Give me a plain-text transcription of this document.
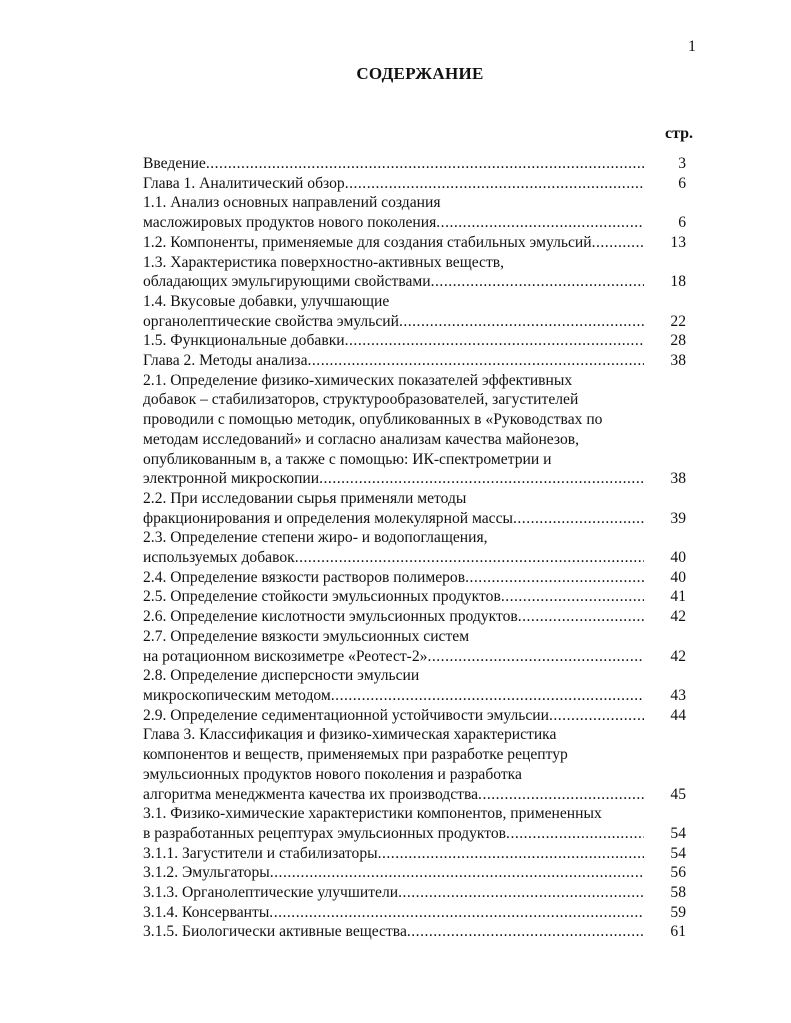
1
СОДЕРЖАНИЕ
стр.
Введение .....	3
Глава 1. Аналитический обзор .....	6
1.1. Анализ основных направлений создания
масложировых продуктов нового поколения .....	6
1.2. Компоненты, применяемые для создания стабильных эмульсий .....	13
1.3. Характеристика поверхностно-активных веществ,
обладающих эмульгирующими свойствами .....	18
1.4. Вкусовые добавки, улучшающие
органолептические свойства эмульсий .....	22
1.5. Функциональные добавки .....	28
Глава 2. Методы анализа .....	38
2.1. Определение физико-химических показателей эффективных
добавок – стабилизаторов, структурообразователей, загустителей
проводили с помощью методик, опубликованных в «Руководствах по
методам исследований» и согласно анализам качества майонезов,
опубликованным в, а также с помощью: ИК-спектрометрии и
электронной микроскопии .....	38
2.2. При исследовании сырья применяли методы
фракционирования и определения молекулярной массы .....	39
2.3. Определение степени жиро- и водопоглащения,
используемых добавок .....	40
2.4. Определение вязкости растворов полимеров .....	40
2.5. Определение стойкости эмульсионных продуктов .....	41
2.6. Определение кислотности эмульсионных продуктов .....	42
2.7. Определение вязкости эмульсионных систем
на ротационном вискозиметре «Реотест-2» .....	42
2.8. Определение дисперсности эмульсии
микроскопическим методом .....	43
2.9. Определение седиментационной устойчивости эмульсии .....	44
Глава 3. Классификация и физико-химическая характеристика
компонентов и веществ, применяемых при разработке рецептур
эмульсионных продуктов нового поколения и разработка
алгоритма менеджмента качества их производства .....	45
3.1. Физико-химические характеристики компонентов, примененных
в разработанных рецептурах эмульсионных продуктов .....	54
3.1.1. Загустители и стабилизаторы .....	54
3.1.2. Эмульгаторы .....	56
3.1.3. Органолептические улучшители .....	58
3.1.4. Консерванты .....	59
3.1.5. Биологически активные вещества .....	61
